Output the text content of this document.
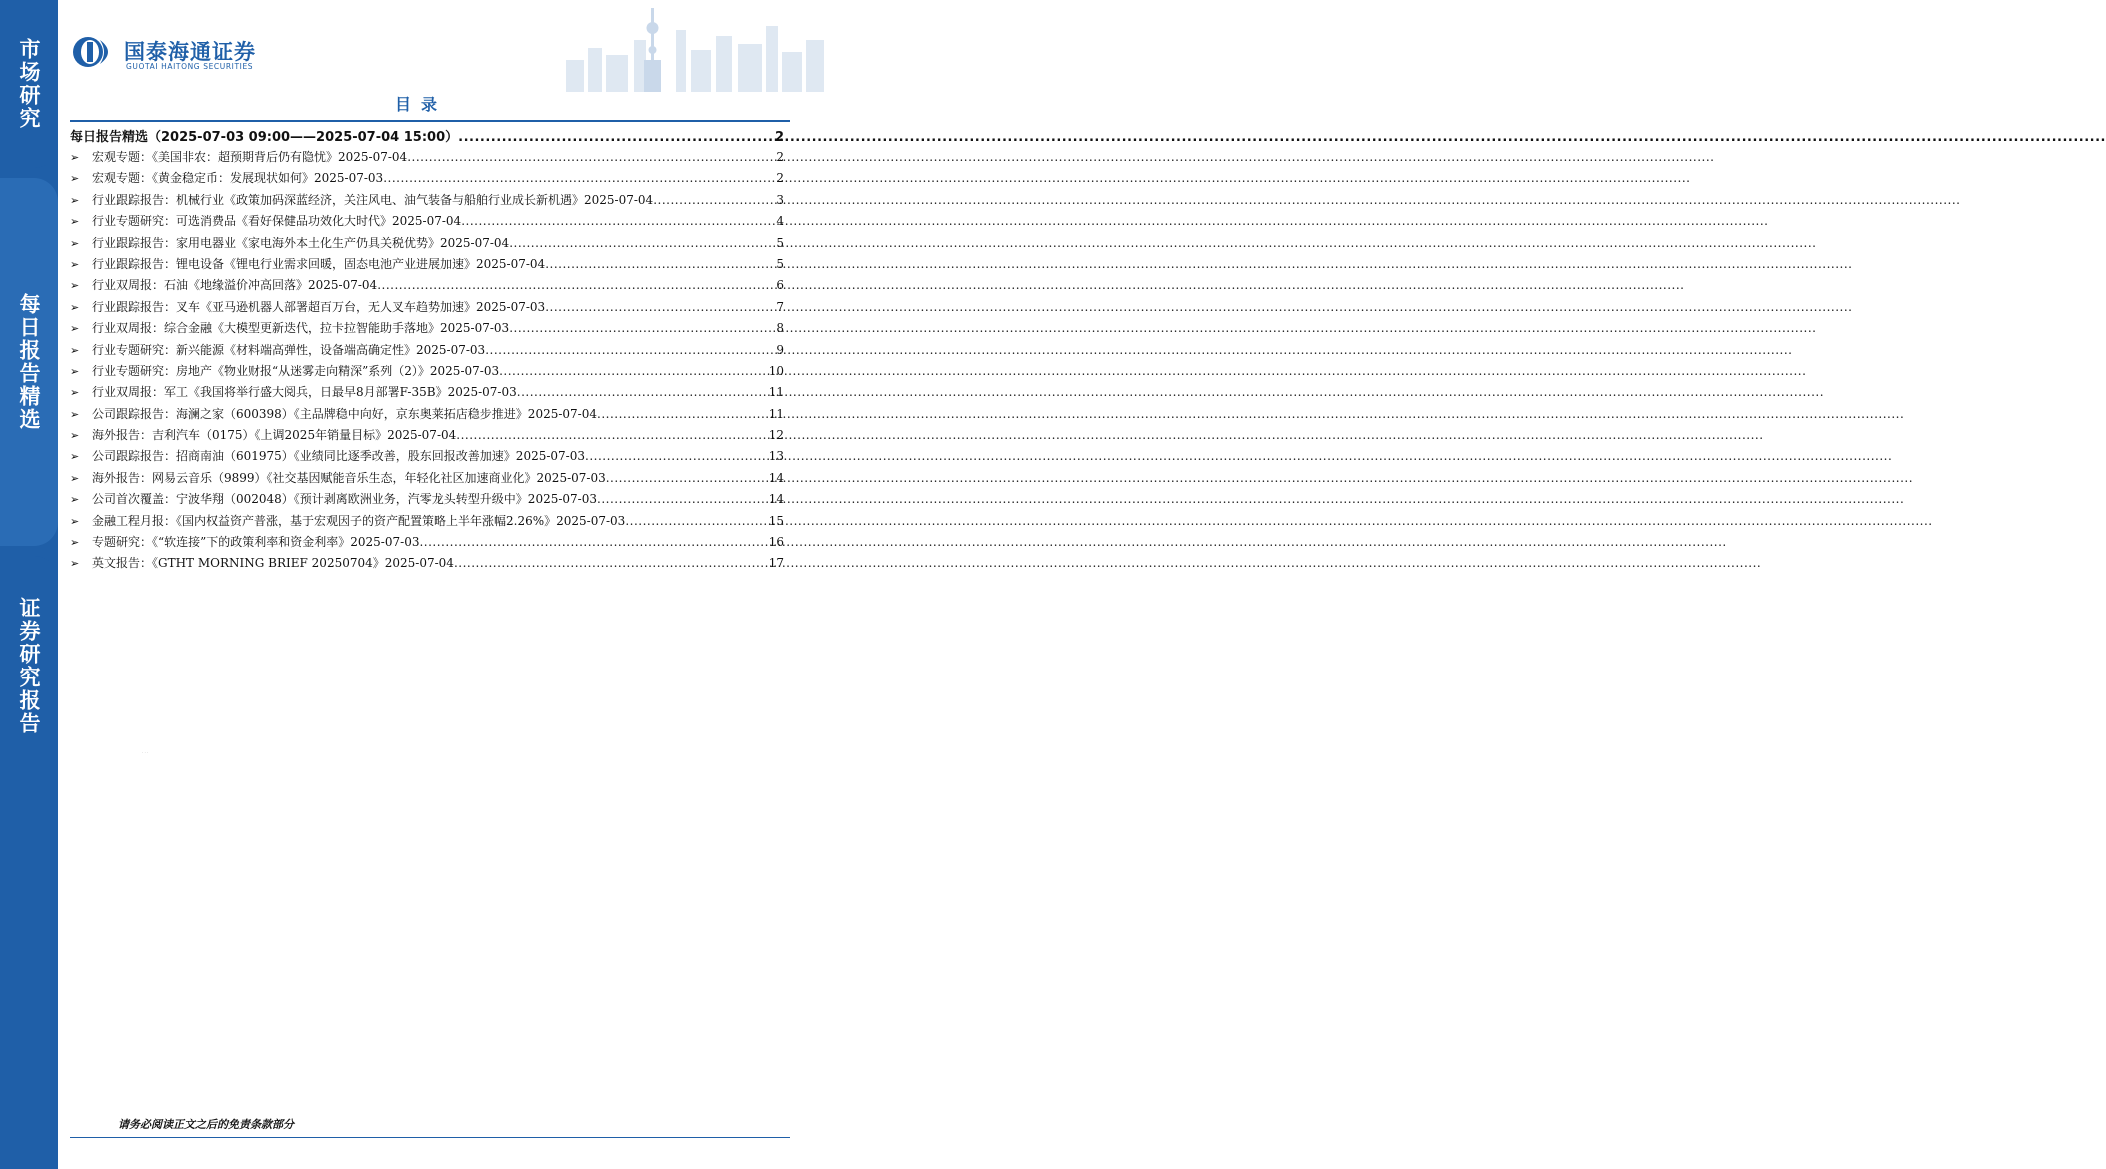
市场研究
每日报告精选
证券研究报告
国泰海通证券
GUOTAI HAITONG SECURITIES
目录
每日报告精选（2025-07-03 09:00——2025-07-04 15:00） .....	2
➢	宏观专题：《美国非农：超预期背后仍有隐忧》2025-07-04 .....	2
➢	宏观专题：《黄金稳定币：发展现状如何》2025-07-03 .....	2
➢	行业跟踪报告：机械行业《政策加码深蓝经济，关注风电、油气装备与船舶行业成长新机遇》2025-07-04 .....	3
➢	行业专题研究：可选消费品《看好保健品功效化大时代》2025-07-04 .....	4
➢	行业跟踪报告：家用电器业《家电海外本土化生产仍具关税优势》2025-07-04 .....	5
➢	行业跟踪报告：锂电设备《锂电行业需求回暖，固态电池产业进展加速》2025-07-04 .....	5
➢	行业双周报：石油《地缘溢价冲高回落》2025-07-04 .....	6
➢	行业跟踪报告：叉车《亚马逊机器人部署超百万台，无人叉车趋势加速》2025-07-03 .....	7
➢	行业双周报：综合金融《大模型更新迭代，拉卡拉智能助手落地》2025-07-03 .....	8
➢	行业专题研究：新兴能源《材料端高弹性，设备端高确定性》2025-07-03 .....	9
➢	行业专题研究：房地产《物业财报“从迷雾走向精深”系列（2）》2025-07-03 .....	10
➢	行业双周报：军工《我国将举行盛大阅兵，日最早8月部署F-35B》2025-07-03 .....	11
➢	公司跟踪报告：海澜之家（600398）《主品牌稳中向好，京东奥莱拓店稳步推进》2025-07-04 .....	11
➢	海外报告：吉利汽车（0175）《上调2025年销量目标》2025-07-04 .....	12
➢	公司跟踪报告：招商南油（601975）《业绩同比逐季改善，股东回报改善加速》2025-07-03 .....	13
➢	海外报告：网易云音乐（9899）《社交基因赋能音乐生态，年轻化社区加速商业化》2025-07-03 .....	14
➢	公司首次覆盖：宁波华翔（002048）《预计剥离欧洲业务，汽零龙头转型升级中》2025-07-03 .....	14
➢	金融工程月报：《国内权益资产普涨，基于宏观因子的资产配置策略上半年涨幅2.26%》2025-07-03 .....	15
➢	专题研究：《“软连接”下的政策利率和资金利率》2025-07-03 .....	16
➢	英文报告：《GTHT MORNING BRIEF 20250704》2025-07-04 .....	17
· · ·
请务必阅读正文之后的免责条款部分
